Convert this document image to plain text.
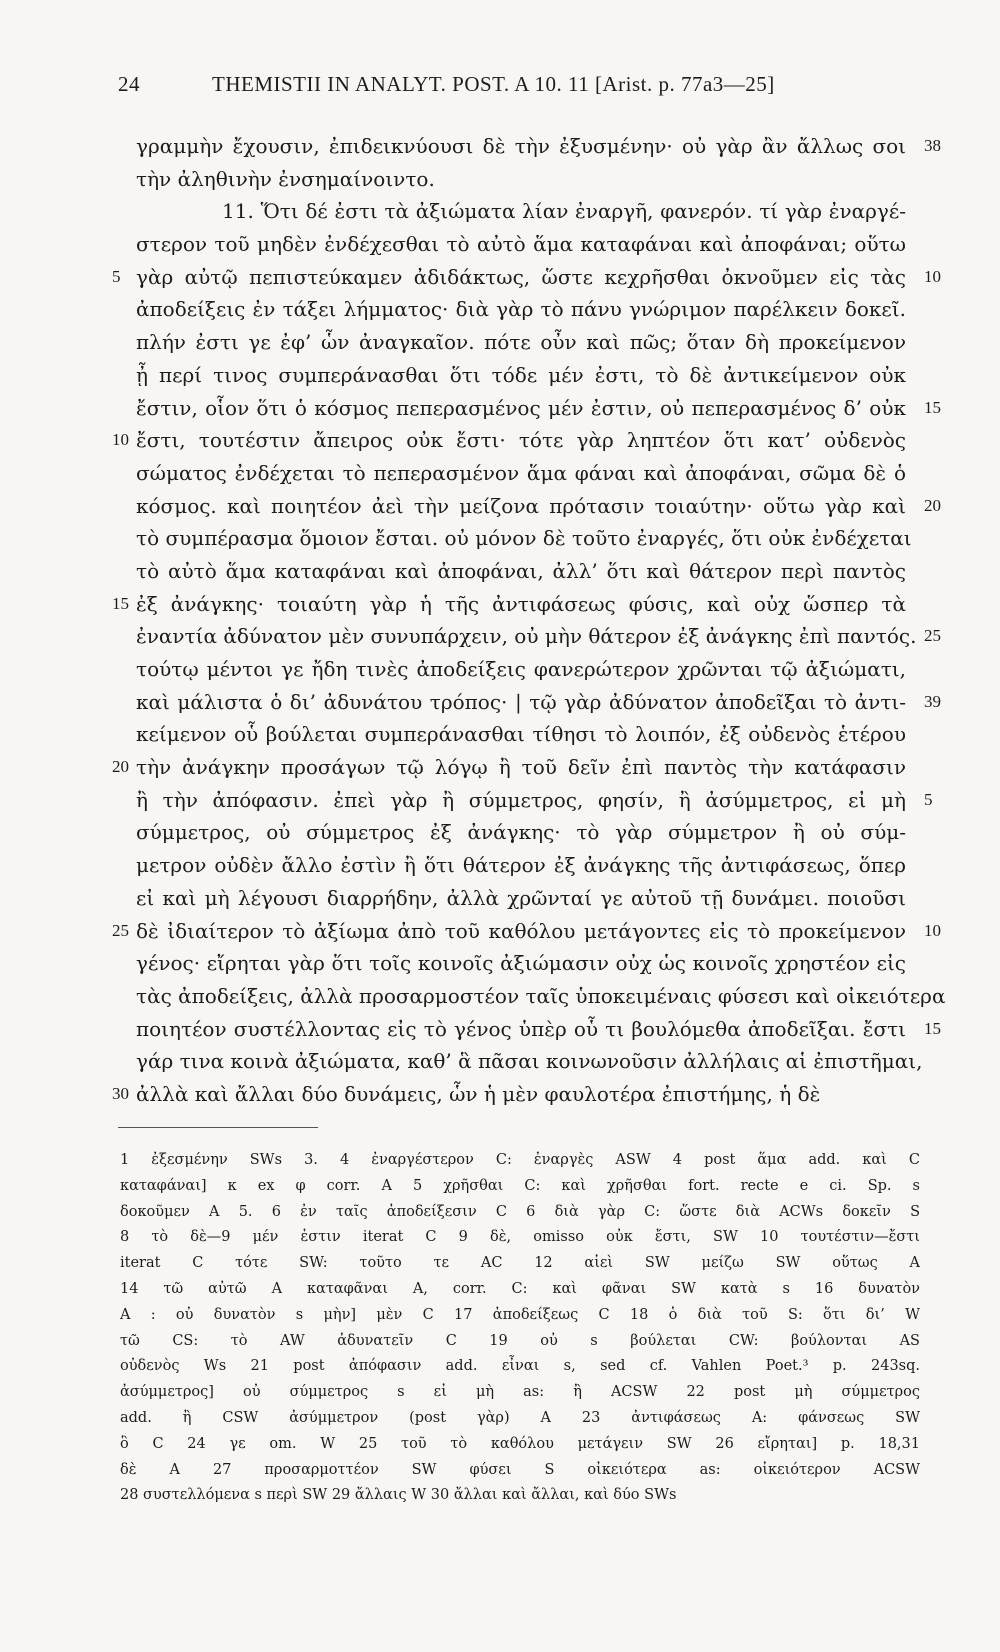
24	THEMISTII IN ANALYT. POST. A 10. 11 [Arist. p. 77a3—25]
γραμμὴν ἔχουσιν, ἐπιδεικνύουσι δὲ τὴν ἐξυσμένην· οὐ γὰρ ἂν ἄλλως σοι 38
τὴν ἀληθινὴν ἐνσημαίνοιντο.
11. Ὅτι δέ ἐστι τὰ ἀξιώματα λίαν ἐναργῆ, φανερόν. τί γὰρ ἐναργέ-
στερον τοῦ μηδὲν ἐνδέχεσθαι τὸ αὐτὸ ἅμα καταφάναι καὶ ἀποφάναι; οὕτω
5 γὰρ αὐτῷ πεπιστεύκαμεν ἀδιδάκτως, ὥστε κεχρῆσθαι ὀκνοῦμεν εἰς τὰς 10
ἀποδείξεις ἐν τάξει λήμματος· διὰ γὰρ τὸ πάνυ γνώριμον παρέλκειν δοκεῖ.
πλήν ἐστι γε ἐφ’ ὧν ἀναγκαῖον. πότε οὖν καὶ πῶς; ὅταν δὴ προκείμενον
ᾖ περί τινος συμπεράνασθαι ὅτι τόδε μέν ἐστι, τὸ δὲ ἀντικείμενον οὐκ
ἔστιν, οἷον ὅτι ὁ κόσμος πεπερασμένος μέν ἐστιν, οὐ πεπερασμένος δ’ οὐκ 15
10 ἔστι, τουτέστιν ἄπειρος οὐκ ἔστι· τότε γὰρ ληπτέον ὅτι κατ’ οὐδενὸς
σώματος ἐνδέχεται τὸ πεπερασμένον ἅμα φάναι καὶ ἀποφάναι, σῶμα δὲ ὁ
κόσμος. καὶ ποιητέον ἀεὶ τὴν μείζονα πρότασιν τοιαύτην· οὕτω γὰρ καὶ 20
τὸ συμπέρασμα ὅμοιον ἔσται. οὐ μόνον δὲ τοῦτο ἐναργές, ὅτι οὐκ ἐνδέχεται
τὸ αὐτὸ ἅμα καταφάναι καὶ ἀποφάναι, ἀλλ’ ὅτι καὶ θάτερον περὶ παντὸς
15 ἐξ ἀνάγκης· τοιαύτη γὰρ ἡ τῆς ἀντιφάσεως φύσις, καὶ οὐχ ὥσπερ τὰ
ἐναντία ἀδύνατον μὲν συνυπάρχειν, οὐ μὴν θάτερον ἐξ ἀνάγκης ἐπὶ παντός. 25
τούτῳ μέντοι γε ἤδη τινὲς ἀποδείξεις φανερώτερον χρῶνται τῷ ἀξιώματι,
καὶ μάλιστα ὁ δι’ ἀδυνάτου τρόπος· | τῷ γὰρ ἀδύνατον ἀποδεῖξαι τὸ ἀντι- 39
κείμενον οὗ βούλεται συμπεράνασθαι τίθησι τὸ λοιπόν, ἐξ οὐδενὸς ἑτέρου
20 τὴν ἀνάγκην προσάγων τῷ λόγῳ ἢ τοῦ δεῖν ἐπὶ παντὸς τὴν κατάφασιν
ἢ τὴν ἀπόφασιν. ἐπεὶ γὰρ ἢ σύμμετρος, φησίν, ἢ ἀσύμμετρος, εἰ μὴ 5
σύμμετρος, οὐ σύμμετρος ἐξ ἀνάγκης· τὸ γὰρ σύμμετρον ἢ οὐ σύμ-
μετρον οὐδὲν ἄλλο ἐστὶν ἢ ὅτι θάτερον ἐξ ἀνάγκης τῆς ἀντιφάσεως, ὅπερ
εἰ καὶ μὴ λέγουσι διαρρήδην, ἀλλὰ χρῶνταί γε αὐτοῦ τῇ δυνάμει. ποιοῦσι
25 δὲ ἰδιαίτερον τὸ ἀξίωμα ἀπὸ τοῦ καθόλου μετάγοντες εἰς τὸ προκείμενον 10
γένος· εἴρηται γὰρ ὅτι τοῖς κοινοῖς ἀξιώμασιν οὐχ ὡς κοινοῖς χρηστέον εἰς
τὰς ἀποδείξεις, ἀλλὰ προσαρμοστέον ταῖς ὑποκειμέναις φύσεσι καὶ οἰκειότερα
ποιητέον συστέλλοντας εἰς τὸ γένος ὑπὲρ οὗ τι βουλόμεθα ἀποδεῖξαι. ἔστι 15
γάρ τινα κοινὰ ἀξιώματα, καθ’ ἃ πᾶσαι κοινωνοῦσιν ἀλλήλαις αἱ ἐπιστῆμαι,
30 ἀλλὰ καὶ ἄλλαι δύο δυνάμεις, ὧν ἡ μὲν φαυλοτέρα ἐπιστήμης, ἡ δὲ
1 ἐξεσμένην SWs 3. 4 ἐναργέστερον C: ἐναργὲς ASW 4 post ἅμα add. καὶ C
καταφάναι] κ ex φ corr. A 5 χρῆσθαι C: καὶ χρῆσθαι fort. recte e ci. Sp. s
δοκοῦμεν A 5. 6 ἐν ταῖς ἀποδείξεσιν C 6 διὰ γὰρ C: ὥστε διὰ ACWs δοκεῖν S
8 τὸ δὲ—9 μέν ἐστιν iterat C 9 δὲ, omisso οὐκ ἔστι, SW 10 τουτέστιν—ἔστι
iterat C τότε SW: τοῦτο τε AC 12 αἰεὶ SW μείζω SW οὕτως A
14 τῶ αὐτῶ A καταφᾶναι A, corr. C: καὶ φᾶναι SW κατὰ s 16 δυνατὸν
A : οὐ δυνατὸν s μὴν] μὲν C 17 ἀποδείξεως C 18 ὁ διὰ τοῦ S: ὅτι δι’ W
τῶ CS: τὸ AW ἀδυνατεῖν C 19 οὐ s βούλεται CW: βούλονται AS
οὐδενὸς Ws 21 post ἀπόφασιν add. εἶναι s, sed cf. Vahlen Poet.³ p. 243sq.
ἀσύμμετρος] οὐ σύμμετρος s εἰ μὴ as: ἢ ACSW 22 post μὴ σύμμετρος
add. ἢ CSW ἀσύμμετρον (post γὰρ) A 23 ἀντιφάσεως A: φάνσεως SW
ὃ C 24 γε om. W 25 τοῦ τὸ καθόλου μετάγειν SW 26 εἴρηται] p. 18,31
δὲ A 27 προσαρμοττέον SW φύσει S οἰκειότερα as: οἰκειότερον ACSW
28 συστελλόμενα s περὶ SW 29 ἄλλαις W 30 ἄλλαι καὶ ἄλλαι, καὶ δύο SWs
